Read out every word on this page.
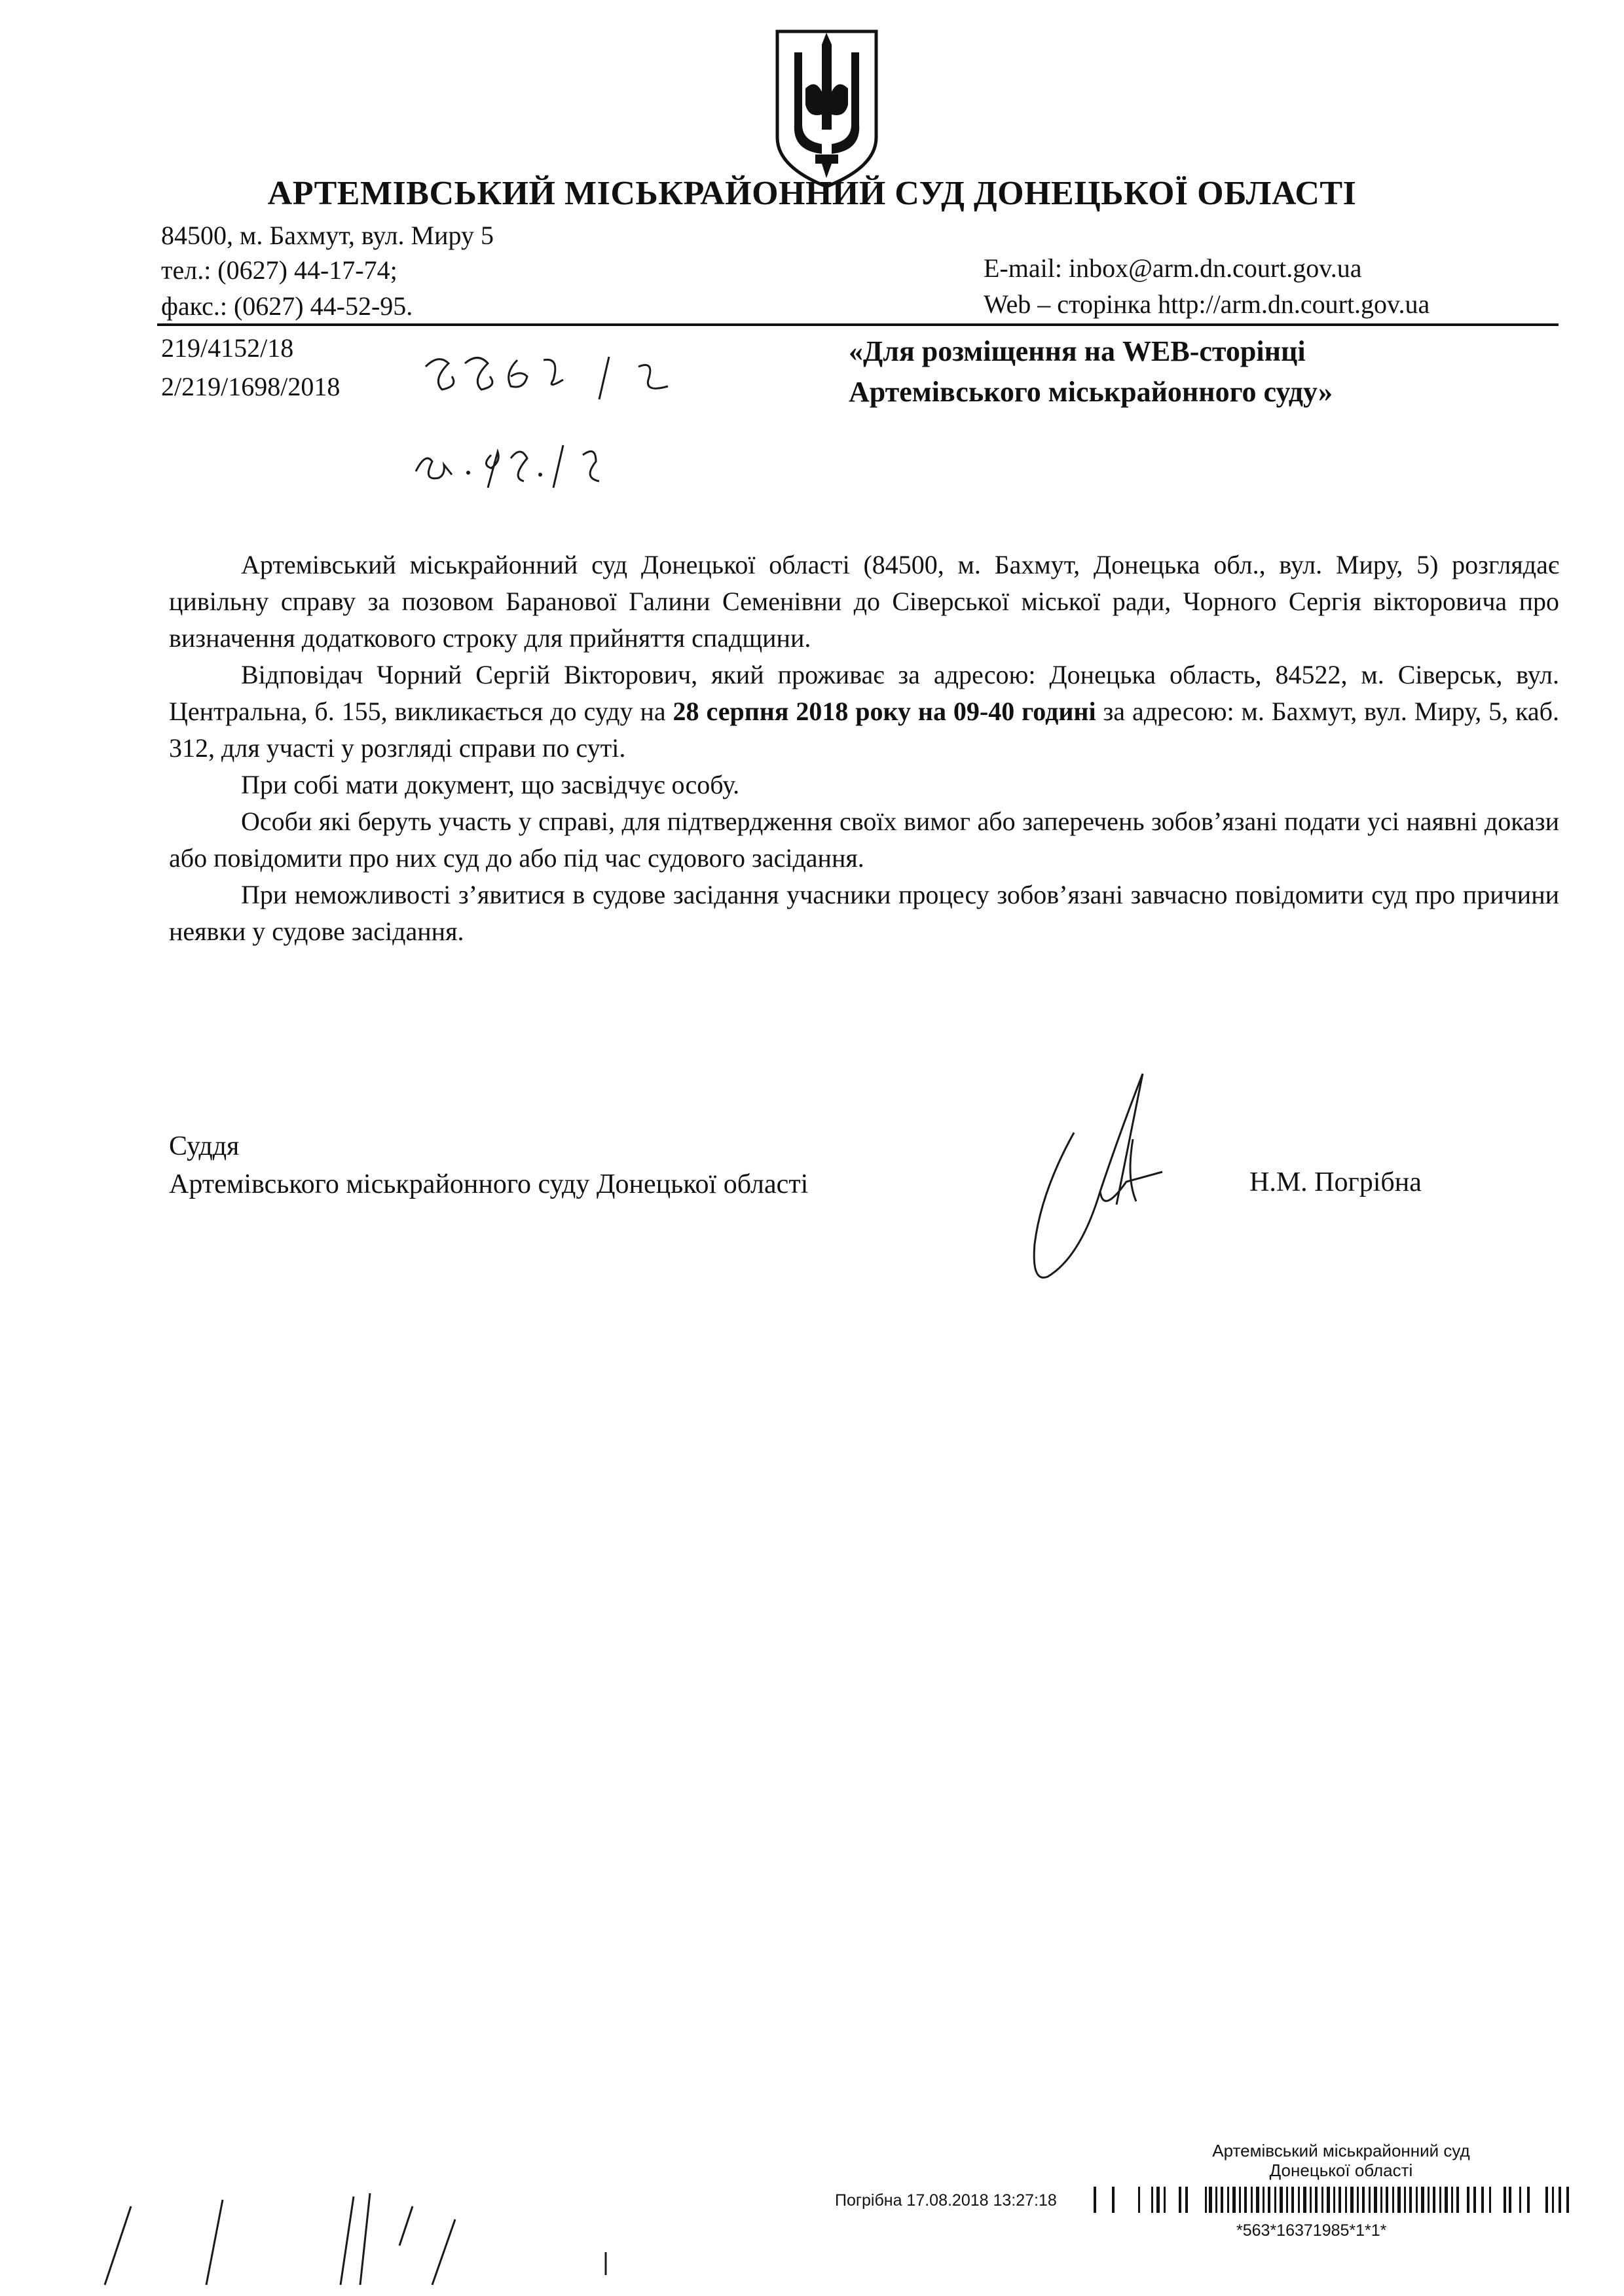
АРТЕМІВСЬКИЙ МІСЬКРАЙОННИЙ СУД ДОНЕЦЬКОЇ ОБЛАСТІ
84500, м. Бахмут, вул. Миру 5
тел.: (0627) 44-17-74;
факс.: (0627) 44-52-95.
E-mail: inbox@arm.dn.court.gov.ua
Web – сторінка http://arm.dn.court.gov.ua
219/4152/18
2/219/1698/2018
«Для розміщення на WEB-сторінці
Артемівського міськрайонного суду»

Артемівський міськрайонний суд Донецької області (84500, м. Бахмут, Донецька обл., вул. Миру, 5) розглядає цивільну справу за позовом Баранової Галини Семенівни до Сіверської міської ради, Чорного Сергія вікторовича про визначення додаткового строку для прийняття спадщини.

Відповідач Чорний Сергій Вікторович, який проживає за адресою: Донецька область, 84522, м. Сіверськ, вул. Центральна, б. 155, викликається до суду на 28 серпня 2018 року на 09-40 годині за адресою: м. Бахмут, вул. Миру, 5, каб. 312, для участі у розгляді справи по суті.

При собі мати документ, що засвідчує особу.

Особи які беруть участь у справі, для підтвердження своїх вимог або заперечень зобов’язані подати усі наявні докази або повідомити про них суд до або під час судового засідання.

При неможливості з’явитися в судове засідання учасники процесу зобов’язані завчасно повідомити суд про причини неявки у судове засідання.

Суддя
Артемівського міськрайонного суду Донецької області	Н.М. Погрібна
Артемівський міськрайонний суд
Донецької області
Погрібна 17.08.2018 13:27:18
*563*16371985*1*1*
